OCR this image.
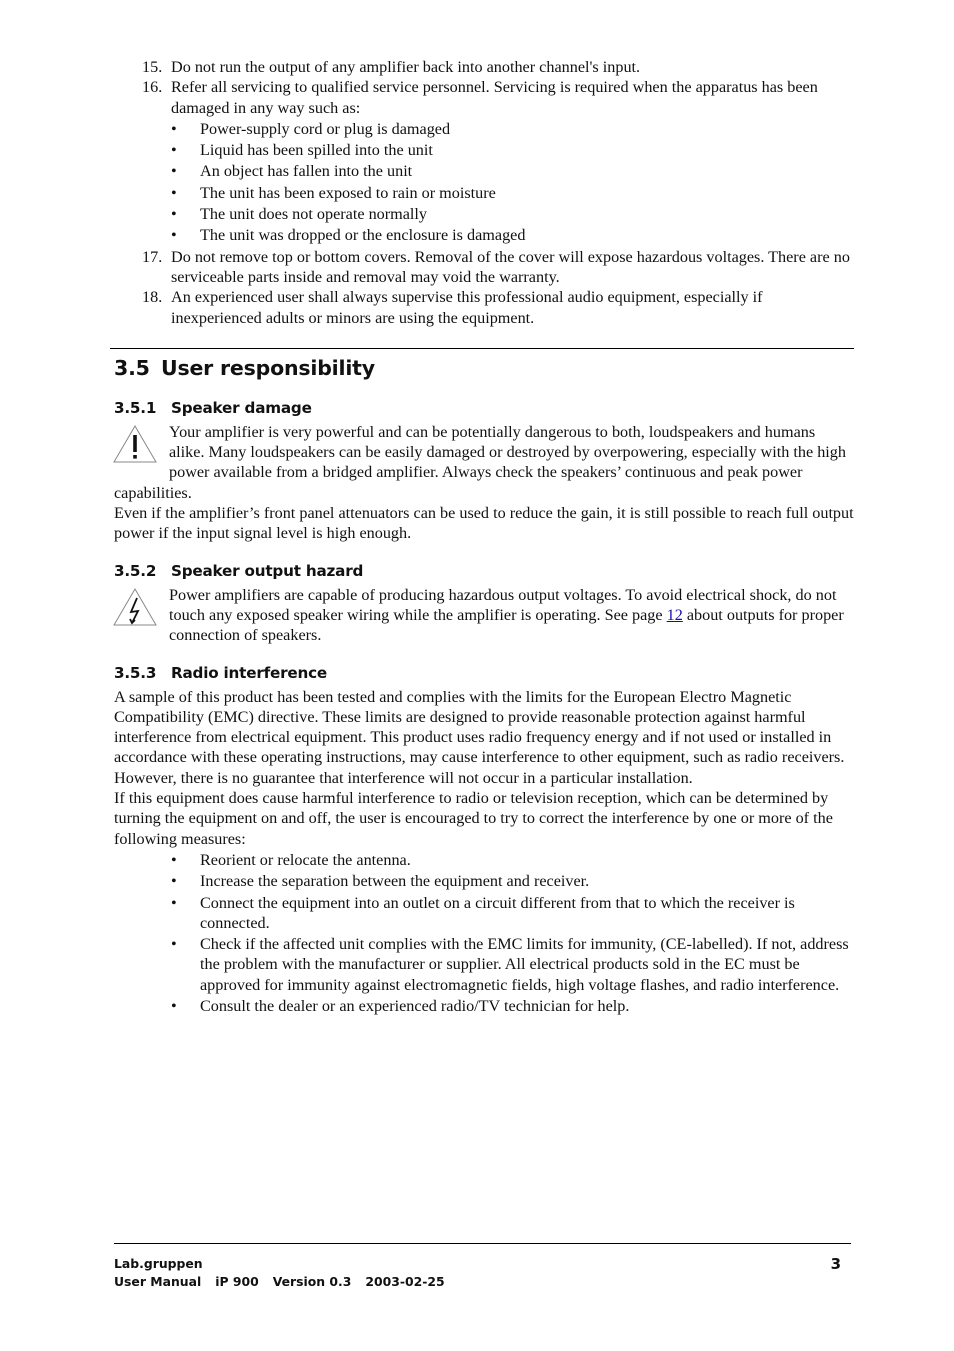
15. Do not run the output of any amplifier back into another channel's input.
16. Refer all servicing to qualified service personnel. Servicing is required when the apparatus has been damaged in any way such as:
• Power-supply cord or plug is damaged
• Liquid has been spilled into the unit
• An object has fallen into the unit
• The unit has been exposed to rain or moisture
• The unit does not operate normally
• The unit was dropped or the enclosure is damaged
17. Do not remove top or bottom covers. Removal of the cover will expose hazardous voltages. There are no serviceable parts inside and removal may void the warranty.
18. An experienced user shall always supervise this professional audio equipment, especially if inexperienced adults or minors are using the equipment.
3.5 User responsibility
3.5.1 Speaker damage

Your amplifier is very powerful and can be potentially dangerous to both, loudspeakers and humans alike. Many loudspeakers can be easily damaged or destroyed by overpowering, especially with the high power available from a bridged amplifier. Always check the speakers’ continuous and peak power capabilities.

Even if the amplifier’s front panel attenuators can be used to reduce the gain, it is still possible to reach full output power if the input signal level is high enough.

3.5.2 Speaker output hazard

Power amplifiers are capable of producing hazardous output voltages. To avoid electrical shock, do not touch any exposed speaker wiring while the amplifier is operating. See page 12 about outputs for proper connection of speakers.

3.5.3 Radio interference

A sample of this product has been tested and complies with the limits for the European Electro Magnetic Compatibility (EMC) directive. These limits are designed to provide reasonable protection against harmful interference from electrical equipment. This product uses radio frequency energy and if not used or installed in accordance with these operating instructions, may cause interference to other equipment, such as radio receivers. However, there is no guarantee that interference will not occur in a particular installation.

If this equipment does cause harmful interference to radio or television reception, which can be determined by turning the equipment on and off, the user is encouraged to try to correct the interference by one or more of the following measures:

• Reorient or relocate the antenna.
• Increase the separation between the equipment and receiver.
• Connect the equipment into an outlet on a circuit different from that to which the receiver is connected.
• Check if the affected unit complies with the EMC limits for immunity, (CE-labelled). If not, address the problem with the manufacturer or supplier. All electrical products sold in the EC must be approved for immunity against electromagnetic fields, high voltage flashes, and radio interference.
• Consult the dealer or an experienced radio/TV technician for help.
Lab.gruppen
User Manual iP 900 Version 0.3 2003-02-25
3
